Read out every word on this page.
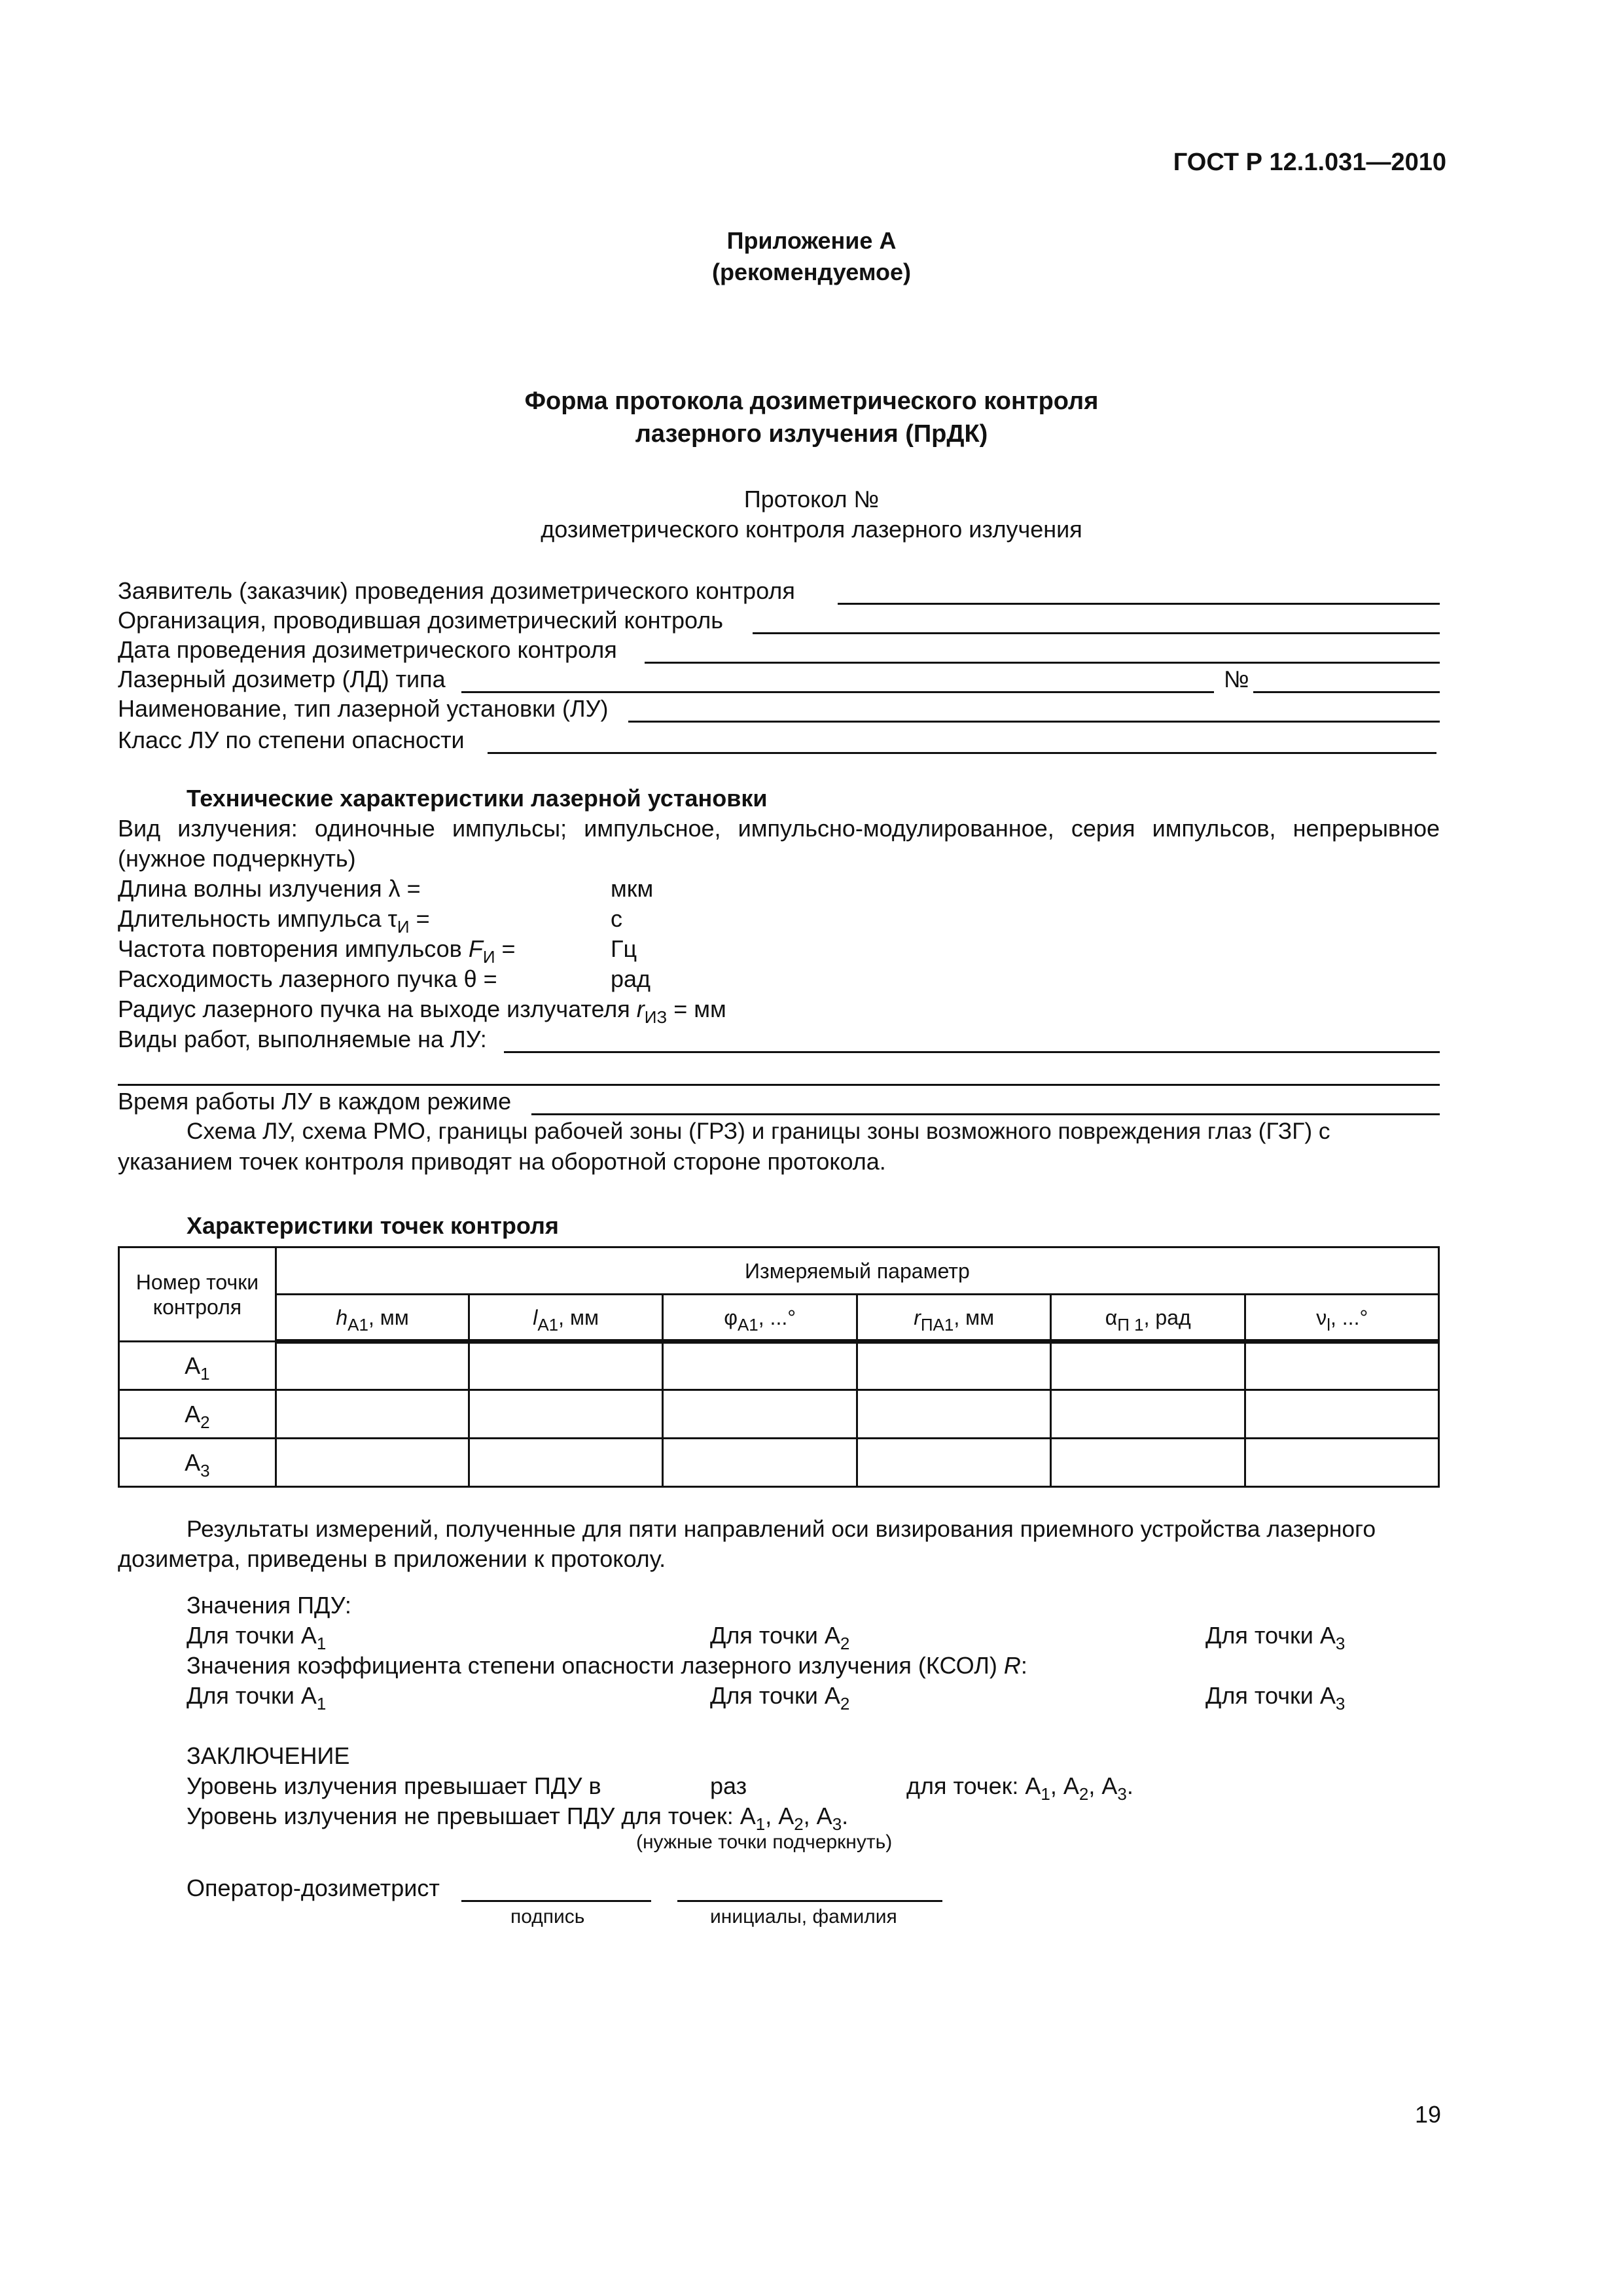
ГОСТ Р 12.1.031—2010
Приложение А
(рекомендуемое)
Форма протокола дозиметрического контроля
лазерного излучения (ПрДК)
Протокол №
дозиметрического контроля лазерного излучения
Заявитель (заказчик) проведения дозиметрического контроля
Организация, проводившая дозиметрический контроль
Дата проведения дозиметрического контроля
Лазерный дозиметр (ЛД) типа	№
Наименование, тип лазерной установки (ЛУ)
Класс ЛУ по степени опасности
Технические характеристики лазерной установки
Вид излучения: одиночные импульсы; импульсное, импульсно-модулированное, серия импульсов, непрерывное
(нужное подчеркнуть)
Длина волны излучения λ =	мкм
Длительность импульса $\tau_И$ =	с
Частота повторения импульсов $F_И$ =	Гц
Расходимость лазерного пучка θ =	рад
Радиус лазерного пучка на выходе излучателя $r_{ИЗ}$ = мм
Виды работ, выполняемые на ЛУ:
Время работы ЛУ в каждом режиме
Схема ЛУ, схема РМО, границы рабочей зоны (ГРЗ) и границы зоны возможного повреждения глаз (ГЗГ) с
указанием точек контроля приводят на оборотной стороне протокола.
Характеристики точек контроля
Номер точки
контроля	Измеряемый параметр					
	$h_{А1}$, мм	$l_{А1}$, мм	$\varphi_{А1}$, ...°	$r_{ПА1}$, мм	$\alpha_{П 1}$, рад	$\nu_l$, ...°
$А_1$						
$А_2$						
$А_3$						
Результаты измерений, полученные для пяти направлений оси визирования приемного устройства лазерного
дозиметра, приведены в приложении к протоколу.
Значения ПДУ:
Для точки $А_1$	Для точки $А_2$	Для точки $А_3$
Значения коэффициента степени опасности лазерного излучения (КСОЛ) R:
Для точки $А_1$	Для точки $А_2$	Для точки $А_3$
ЗАКЛЮЧЕНИЕ
Уровень излучения превышает ПДУ в	раз	для точек: $А_1$, $А_2$, $А_3$.
Уровень излучения не превышает ПДУ для точек: $А_1$, $А_2$, $А_3$.
(нужные точки подчеркнуть)
Оператор-дозиметрист
подпись	инициалы, фамилия
19
